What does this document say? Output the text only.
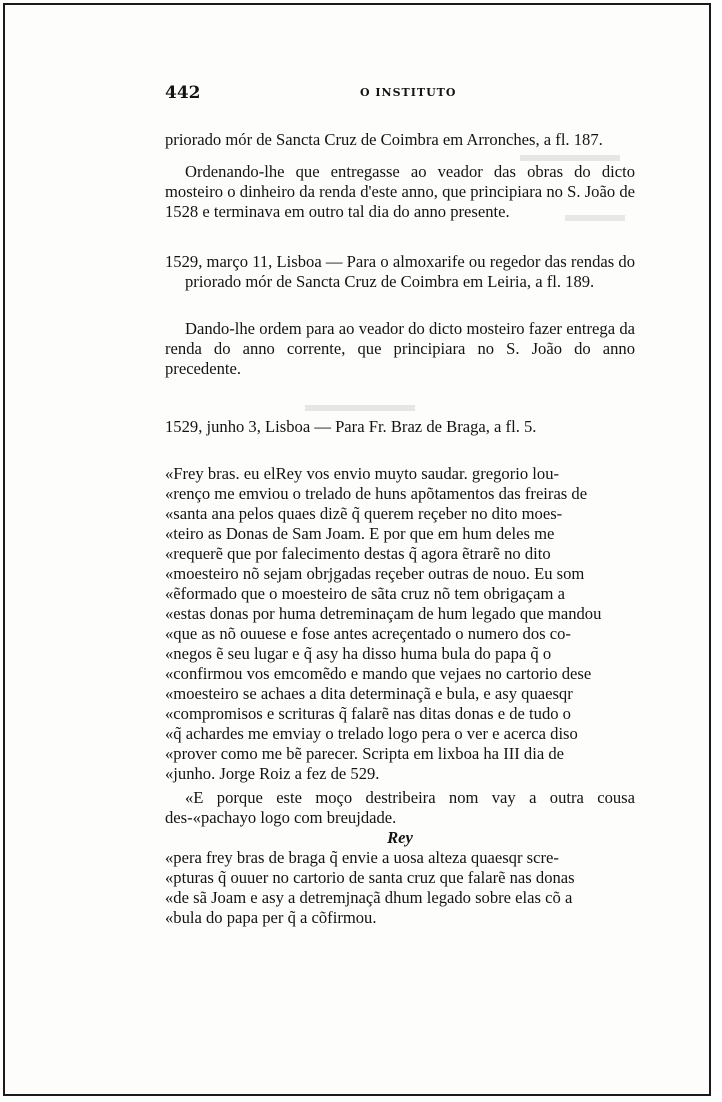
442	O INSTITUTO

priorado mór de Sancta Cruz de Coimbra em Arronches, a fl. 187.

Ordenando-lhe que entregasse ao veador das obras do dicto mosteiro o dinheiro da renda d'este anno, que principiara no S. João de 1528 e terminava em outro tal dia do anno presente.

1529, março 11, Lisboa — Para o almoxarife ou regedor das rendas do priorado mór de Sancta Cruz de Coimbra em Leiria, a fl. 189.

Dando-lhe ordem para ao veador do dicto mosteiro fazer entrega da renda do anno corrente, que principiara no S. João do anno precedente.

1529, junho 3, Lisboa — Para Fr. Braz de Braga, a fl. 5.

«Frey bras. eu elRey vos envio muyto saudar. gregorio lou-

«renço me emviou o trelado de huns apõtamentos das freiras de

«santa ana pelos quaes dizẽ q̃ querem reçeber no dito moes-

«teiro as Donas de Sam Joam. E por que em hum deles me

«requerẽ que por falecimento destas q̃ agora ẽtrarẽ no dito

«moesteiro nõ sejam obrjgadas reçeber outras de nouo. Eu som

«ẽformado que o moesteiro de sãta cruz nõ tem obrigaçam a

«estas donas por huma detreminaçam de hum legado que mandou

«que as nõ ouuese e fose antes acreçentado o numero dos co-

«negos ẽ seu lugar e q̃ asy ha disso huma bula do papa q̃ o

«confirmou vos emcomẽdo e mando que vejaes no cartorio dese

«moesteiro se achaes a dita determinaçã e bula, e asy quaesqr

«compromisos e scrituras q̃ falarẽ nas ditas donas e de tudo o

«q̃ achardes me emviay o trelado logo pera o ver e acerca diso

«prover como me bẽ parecer. Scripta em lixboa ha III dia de

«junho. Jorge Roiz a fez de 529.

«E porque este moço destribeira nom vay a outra cousa des-«pachayo logo com breujdade.

Rey

«pera frey bras de braga q̃ envie a uosa alteza quaesqr scre-

«pturas q̃ ouuer no cartorio de santa cruz que falarẽ nas donas

«de sã Joam e asy a detremjnaçã dhum legado sobre elas cõ a

«bula do papa per q̃ a cõfirmou.
